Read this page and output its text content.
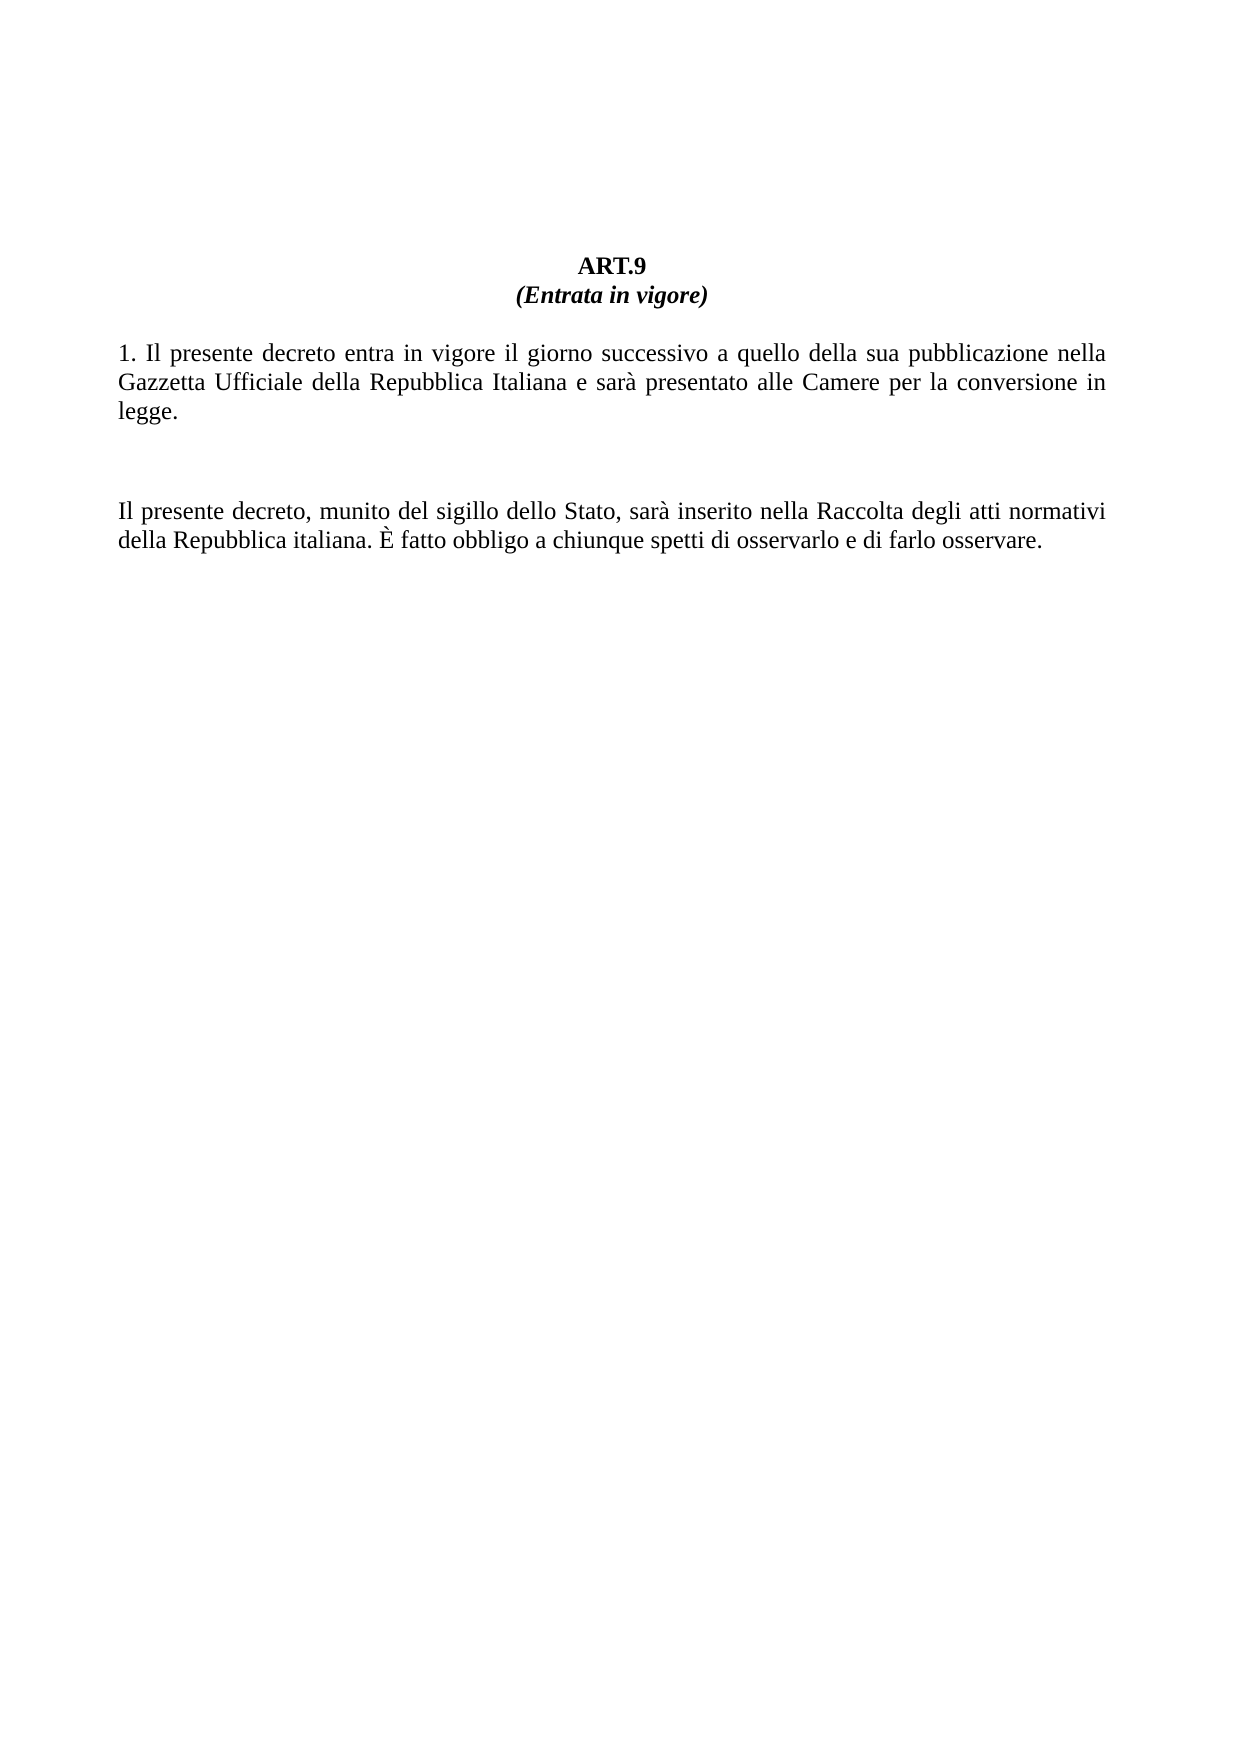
ART.9
(Entrata in vigore)

1. Il presente decreto entra in vigore il giorno successivo a quello della sua pubblicazione nella Gazzetta Ufficiale della Repubblica Italiana e sarà presentato alle Camere per la conversione in legge.

Il presente decreto, munito del sigillo dello Stato, sarà inserito nella Raccolta degli atti normativi della Repubblica italiana. È fatto obbligo a chiunque spetti di osservarlo e di farlo osservare.
